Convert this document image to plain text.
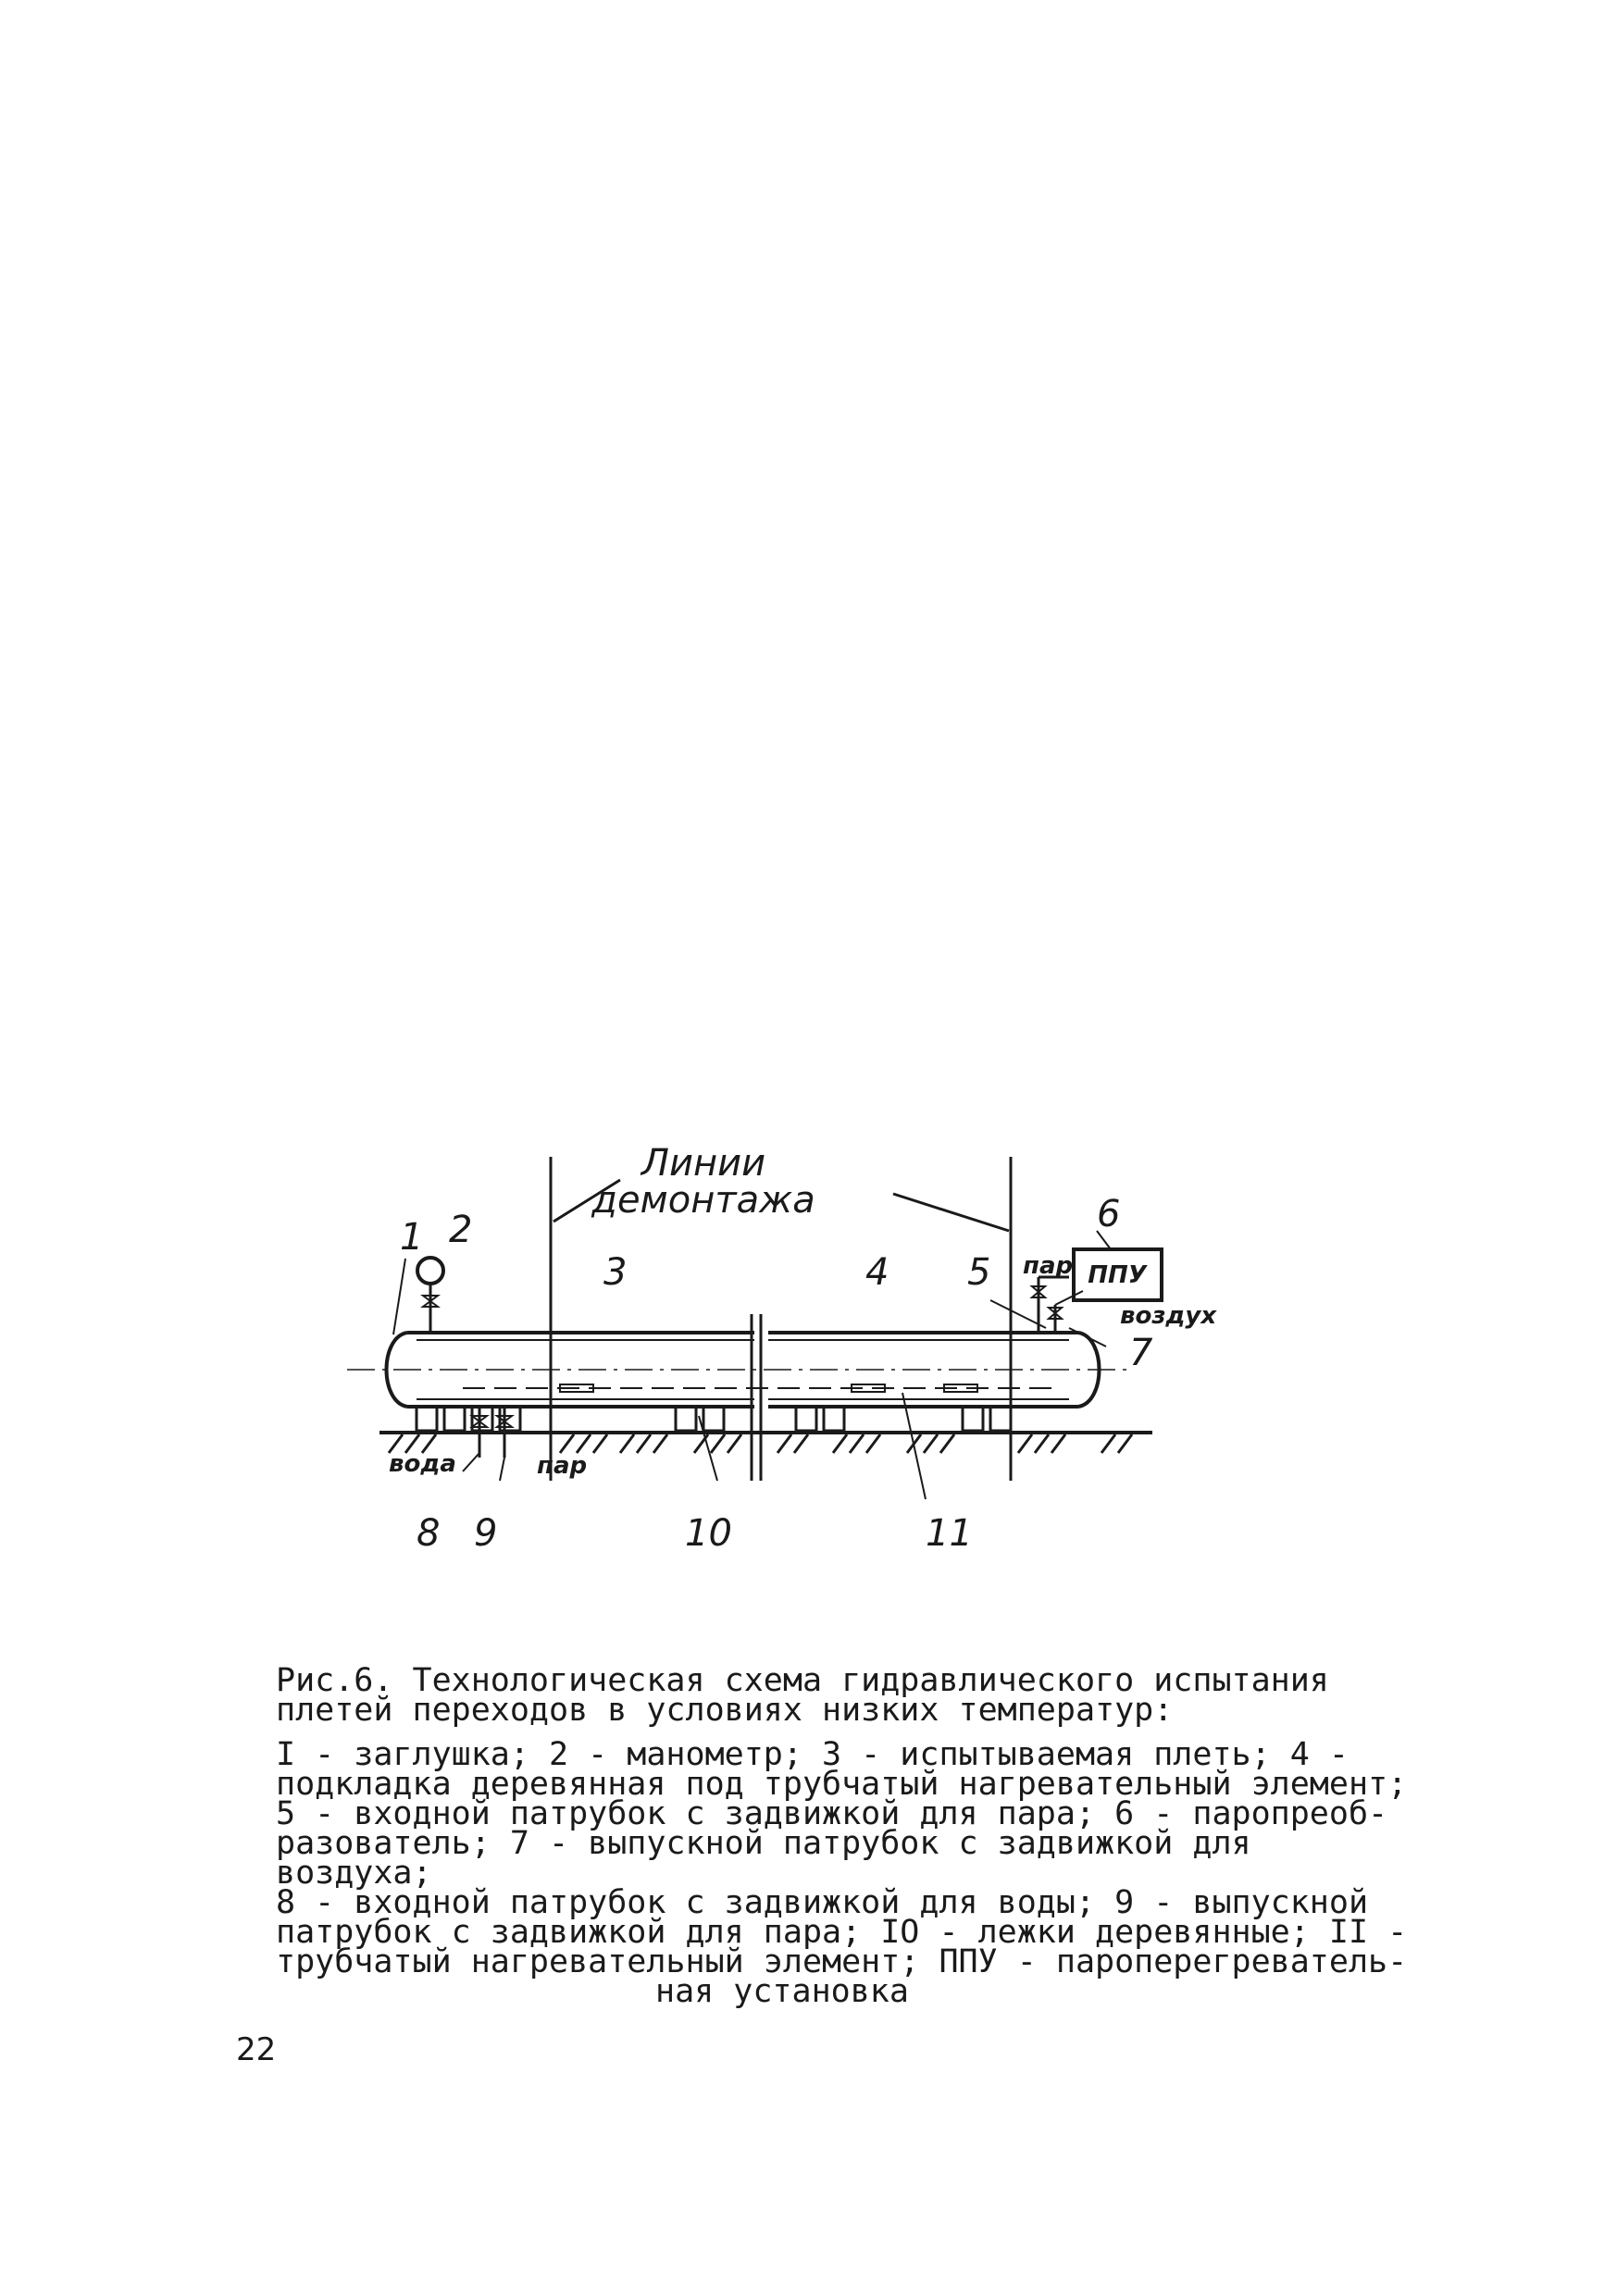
Линии
демонтажа
1 2
3	4 5
6
7
8 9	10	11
пар
воздух
вода	пар
ППУ

Рис.6. Технологическая схема гидравлического испытания
плетей переходов в условиях низких температур:

I - заглушка; 2 - манометр; 3 - испытываемая плеть; 4 -
подкладка деревянная под трубчатый нагревательный элемент;
5 - входной патрубок с задвижкой для пара; 6 - паропреоб-
разователь; 7 - выпускной патрубок с задвижкой для воздуха;
8 - входной патрубок с задвижкой для воды; 9 - выпускной
патрубок с задвижкой для пара; IO - лежки деревянные; II -
трубчатый нагревательный элемент; ППУ - пароперегреватель-

ная установка

22
